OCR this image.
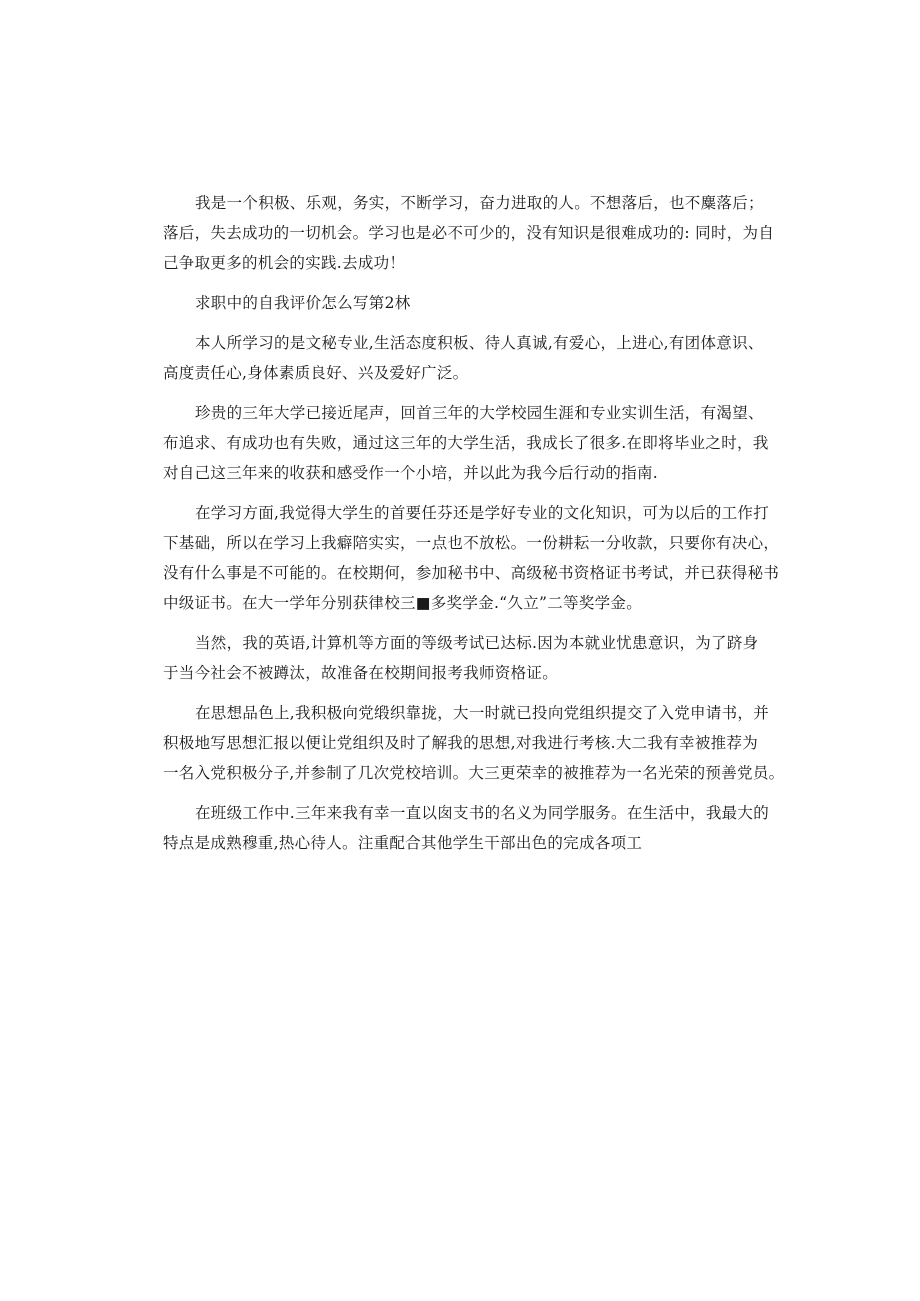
我是一个积极、乐观，务实，不断学习，奋力进取的人。不想落后，也不麋落后；
落后，失去成功的一切机会。学习也是必不可少的，没有知识是很难成功的: 同时，为自
己争取更多的机会的实践.去成功！

求职中的自我评价怎么写第2林

本人所学习的是文秘专业,生活态度积板、待人真诚,有爱心，上进心,有团体意识、
高度责任心,身体素质良好、兴及爱好广泛。

珍贵的三年大学已接近尾声，回首三年的大学校园生涯和专业实训生活，有渴望、
布追求、有成功也有失败，通过这三年的大学生活，我成长了很多.在即将毕业之时，我
对自己这三年来的收获和感受作一个小培，并以此为我今后行动的指南.

在学习方面,我觉得大学生的首要任芬还是学好专业的文化知识，可为以后的工作打
下基础，所以在学习上我癖陪实实，一点也不放松。一份耕耘一分收款，只要你有决心，
没有什么事是不可能的。在校期何，参加秘书中、高级秘书资格证书考试，并已获得秘书
中级证书。在大一学年分别获律校三■多奖学金.“久立”二等奖学金。

当然，我的英语,计算机等方面的等级考试已达标.因为本就业忧患意识，为了跻身
于当今社会不被蹲汰，故准备在校期间报考我师资格证。

在思想品色上,我积极向党缎织靠拢，大一时就已投向党组织提交了入党申请书，并
积极地写思想汇报以便让党组织及时了解我的思想,对我进行考核.大二我有幸被推荐为
一名入党积极分子,并参制了几次党校培训。大三更荣幸的被推荐为一名光荣的预善党员。

在班级工作中.三年来我有幸一直以囱支书的名义为同学服务。在生活中，我最大的
特点是成熟穆重,热心待人。注重配合其他学生干部出色的完成各项工
